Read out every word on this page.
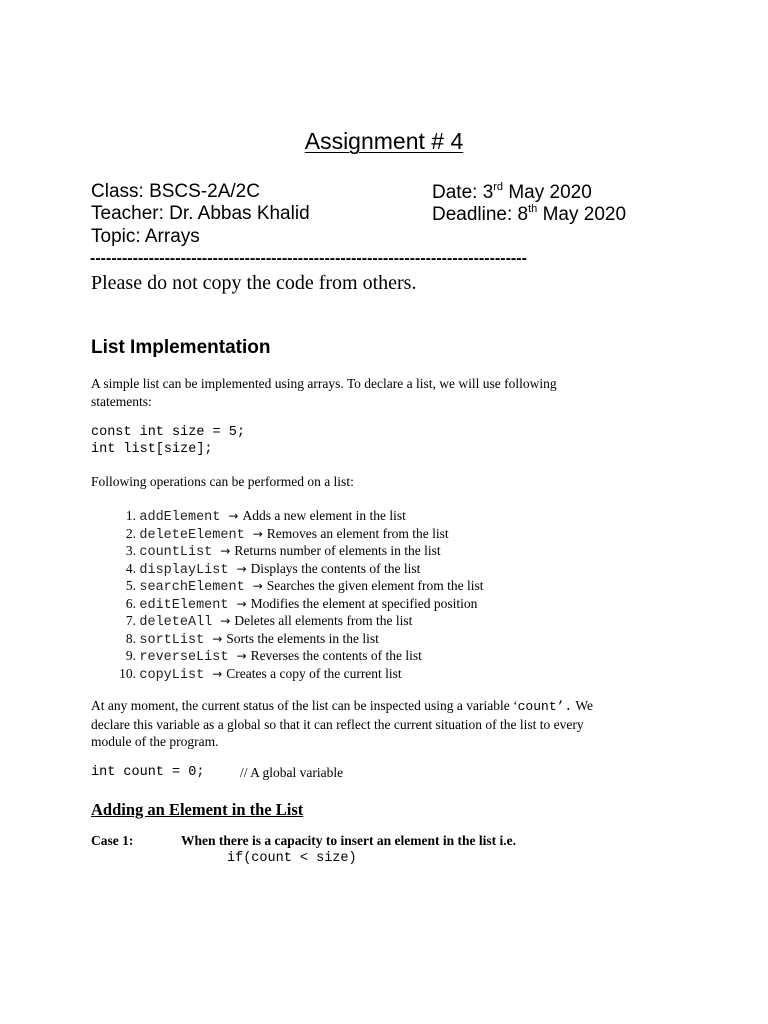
Assignment # 4
Class: BSCS-2A/2C
Teacher: Dr. Abbas Khalid
Topic: Arrays
Date: 3rd May 2020
Deadline: 8th May 2020
----------------------------------------------------------------------------------
Please do not copy the code from others.
List Implementation
A simple list can be implemented using arrays. To declare a list, we will use following
statements:
const int size = 5;
int list[size];
Following operations can be performed on a list:
1. addElement → Adds a new element in the list
2. deleteElement → Removes an element from the list
3. countList → Returns number of elements in the list
4. displayList → Displays the contents of the list
5. searchElement → Searches the given element from the list
6. editElement → Modifies the element at specified position
7. deleteAll → Deletes all elements from the list
8. sortList → Sorts the elements in the list
9. reverseList → Reverses the contents of the list
10. copyList → Creates a copy of the current list
At any moment, the current status of the list can be inspected using a variable ‘count’. We
declare this variable as a global so that it can reflect the current situation of the list to every
module of the program.
int count = 0;	// A global variable
Adding an Element in the List
Case 1:	When there is a capacity to insert an element in the list i.e.
if(count < size)
